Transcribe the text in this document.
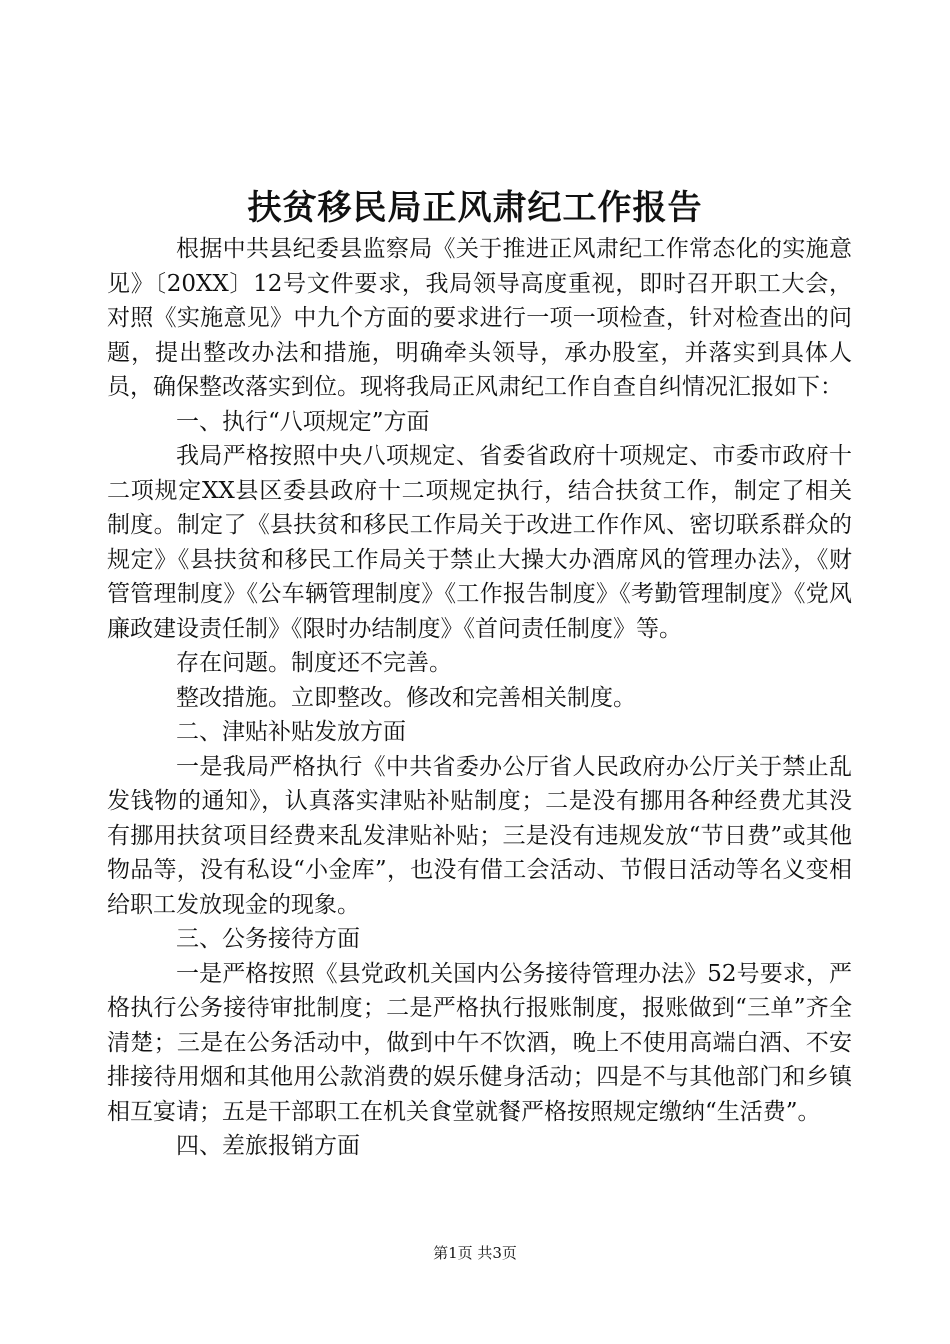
扶贫移民局正风肃纪工作报告

根据中共县纪委县监察局《关于推进正风肃纪工作常态化的实施意见》〔20XX〕12号文件要求，我局领导高度重视，即时召开职工大会，对照《实施意见》中九个方面的要求进行一项一项检查，针对检查出的问题，提出整改办法和措施，明确牵头领导，承办股室，并落实到具体人员，确保整改落实到位。现将我局正风肃纪工作自查自纠情况汇报如下：

一、执行“八项规定”方面

我局严格按照中央八项规定、省委省政府十项规定、市委市政府十二项规定XX县区委县政府十二项规定执行，结合扶贫工作，制定了相关制度。制定了《县扶贫和移民工作局关于改进工作作风、密切联系群众的规定》《县扶贫和移民工作局关于禁止大操大办酒席风的管理办法》，《财管管理制度》《公车辆管理制度》《工作报告制度》《考勤管理制度》《党风廉政建设责任制》《限时办结制度》《首问责任制度》等。

存在问题。制度还不完善。

整改措施。立即整改。修改和完善相关制度。

二、津贴补贴发放方面

一是我局严格执行《中共省委办公厅省人民政府办公厅关于禁止乱发钱物的通知》，认真落实津贴补贴制度；二是没有挪用各种经费尤其没有挪用扶贫项目经费来乱发津贴补贴；三是没有违规发放“节日费”或其他物品等，没有私设“小金库”，也没有借工会活动、节假日活动等名义变相给职工发放现金的现象。

三、公务接待方面

一是严格按照《县党政机关国内公务接待管理办法》52号要求，严格执行公务接待审批制度；二是严格执行报账制度，报账做到“三单”齐全清楚；三是在公务活动中，做到中午不饮酒，晚上不使用高端白酒、不安排接待用烟和其他用公款消费的娱乐健身活动；四是不与其他部门和乡镇相互宴请；五是干部职工在机关食堂就餐严格按照规定缴纳“生活费”。

四、差旅报销方面

第1页 共3页
